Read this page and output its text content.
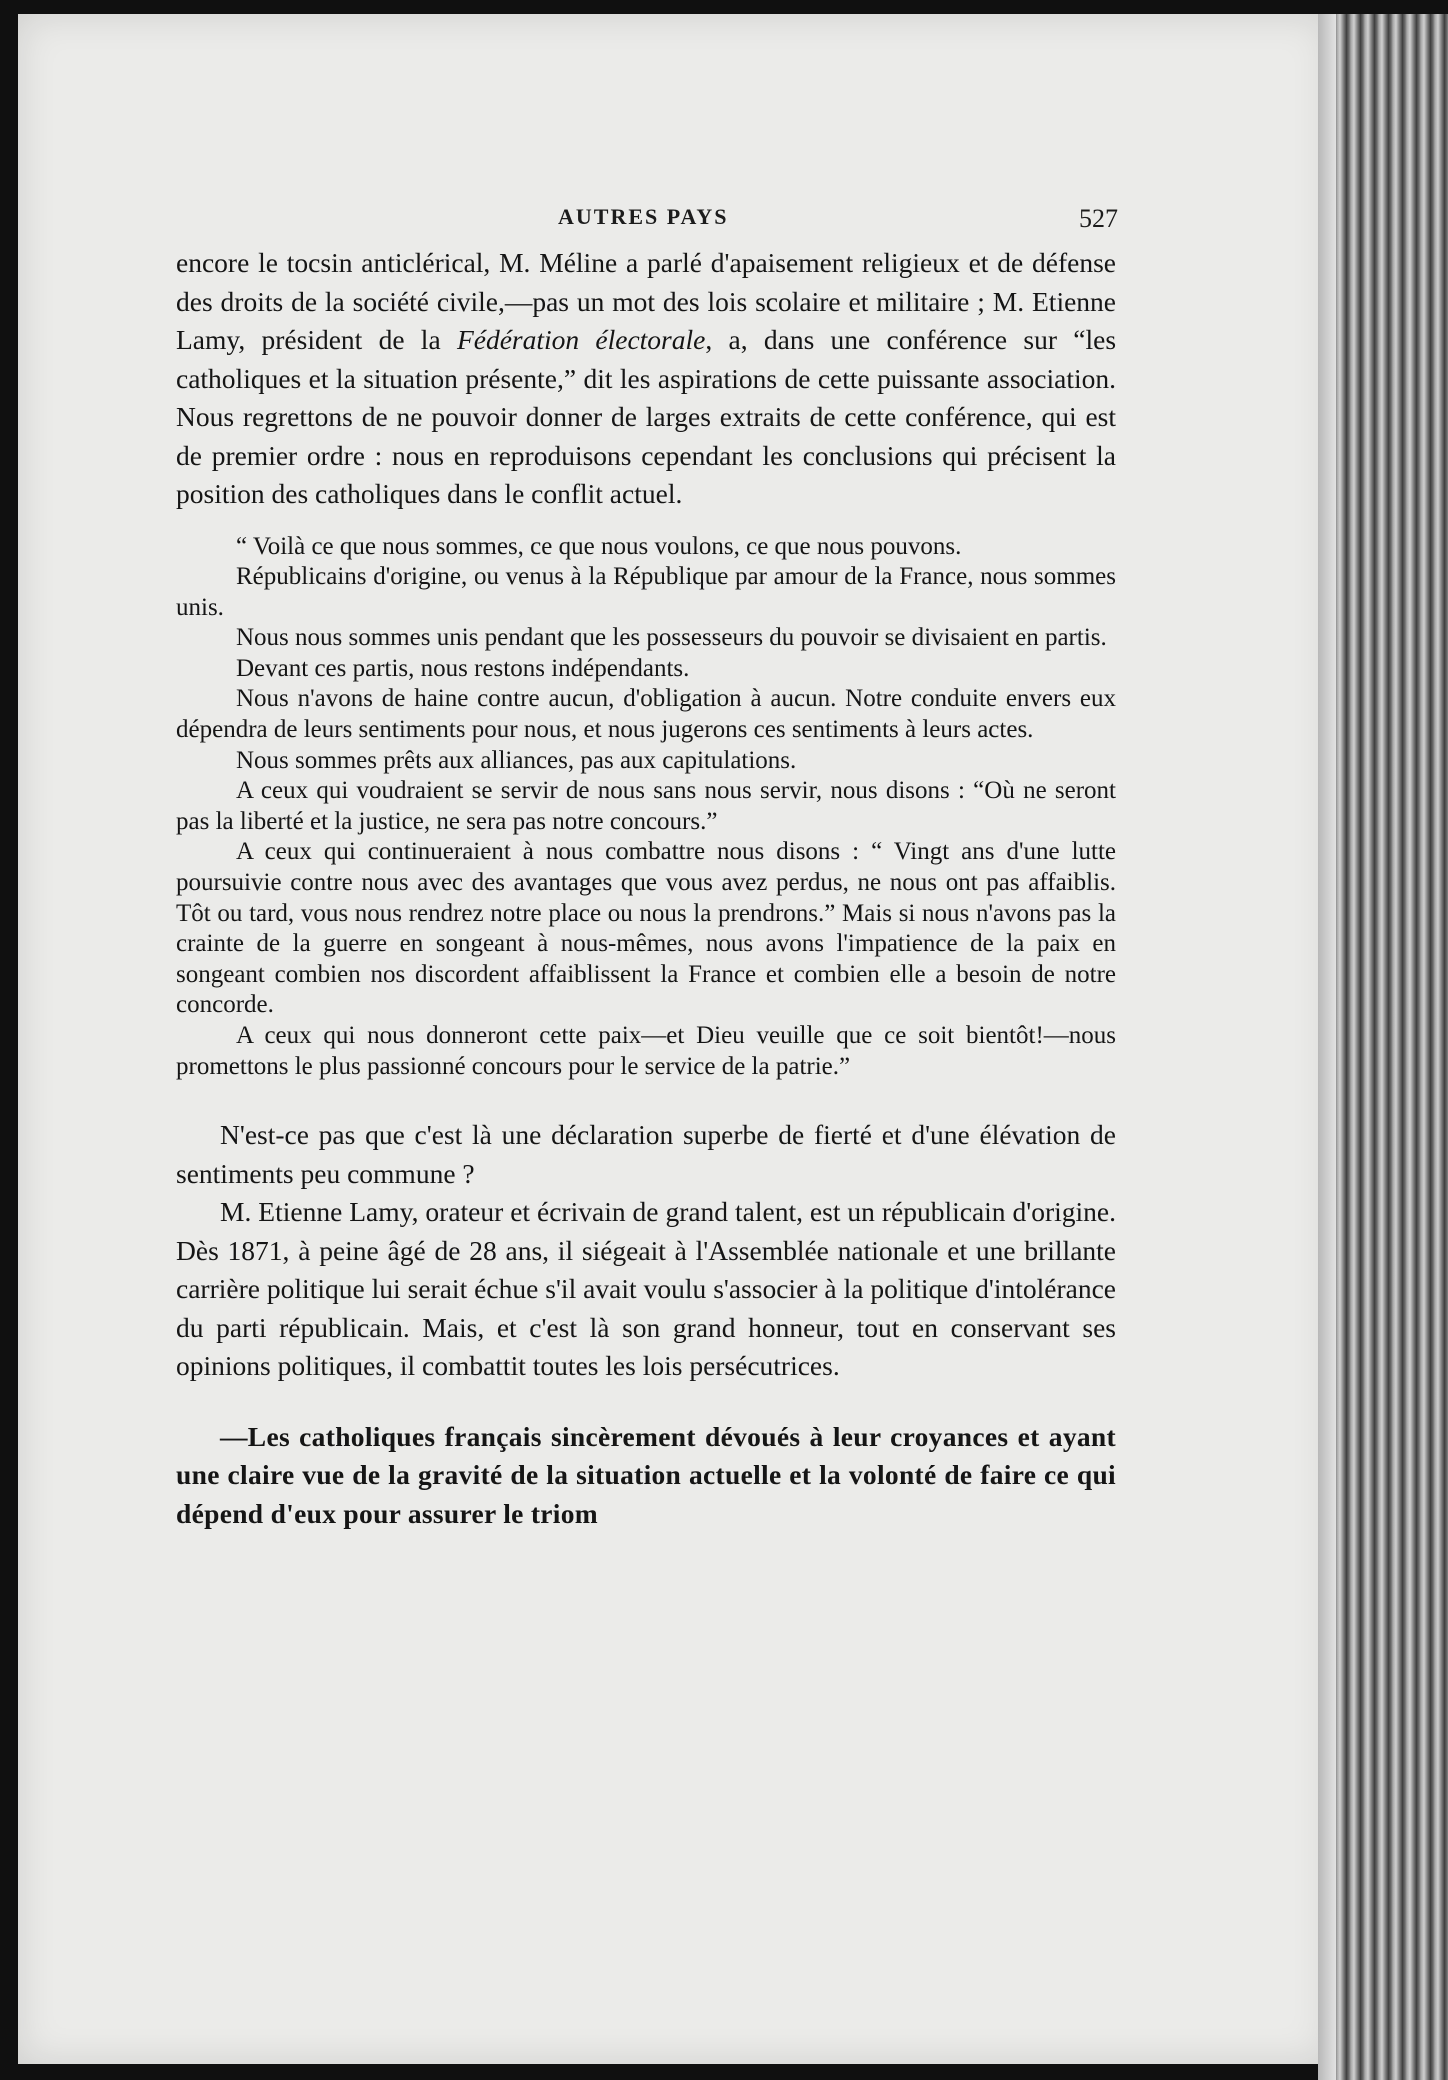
AUTRES PAYS	527

encore le tocsin anticlérical, M. Méline a parlé d'apaisement religieux et de défense des droits de la société civile,—pas un mot des lois scolaire et militaire ; M. Etienne Lamy, président de la Fédération électorale, a, dans une conférence sur “les catholiques et la situation présente,” dit les aspirations de cette puissante association. Nous regrettons de ne pouvoir donner de larges extraits de cette conférence, qui est de premier ordre : nous en reproduisons cependant les conclusions qui précisent la position des catholiques dans le conflit actuel.

“ Voilà ce que nous sommes, ce que nous voulons, ce que nous pouvons.

Républicains d'origine, ou venus à la République par amour de la France, nous sommes unis.

Nous nous sommes unis pendant que les possesseurs du pouvoir se divisaient en partis.

Devant ces partis, nous restons indépendants.

Nous n'avons de haine contre aucun, d'obligation à aucun. Notre conduite envers eux dépendra de leurs sentiments pour nous, et nous jugerons ces sentiments à leurs actes.

Nous sommes prêts aux alliances, pas aux capitulations.

A ceux qui voudraient se servir de nous sans nous servir, nous disons : “Où ne seront pas la liberté et la justice, ne sera pas notre concours.”

A ceux qui continueraient à nous combattre nous disons : “ Vingt ans d'une lutte poursuivie contre nous avec des avantages que vous avez perdus, ne nous ont pas affaiblis. Tôt ou tard, vous nous rendrez notre place ou nous la prendrons.” Mais si nous n'avons pas la crainte de la guerre en songeant à nous-mêmes, nous avons l'impatience de la paix en songeant combien nos discordent affaiblissent la France et combien elle a besoin de notre concorde.

A ceux qui nous donneront cette paix—et Dieu veuille que ce soit bientôt!—nous promettons le plus passionné concours pour le service de la patrie.”

N'est-ce pas que c'est là une déclaration superbe de fierté et d'une élévation de sentiments peu commune ?

M. Etienne Lamy, orateur et écrivain de grand talent, est un républicain d'origine. Dès 1871, à peine âgé de 28 ans, il siégeait à l'Assemblée nationale et une brillante carrière politique lui serait échue s'il avait voulu s'associer à la politique d'intolérance du parti républicain. Mais, et c'est là son grand honneur, tout en conservant ses opinions politiques, il combattit toutes les lois persécutrices.

—Les catholiques français sincèrement dévoués à leur croyances et ayant une claire vue de la gravité de la situation actuelle et la volonté de faire ce qui dépend d'eux pour assurer le triom
